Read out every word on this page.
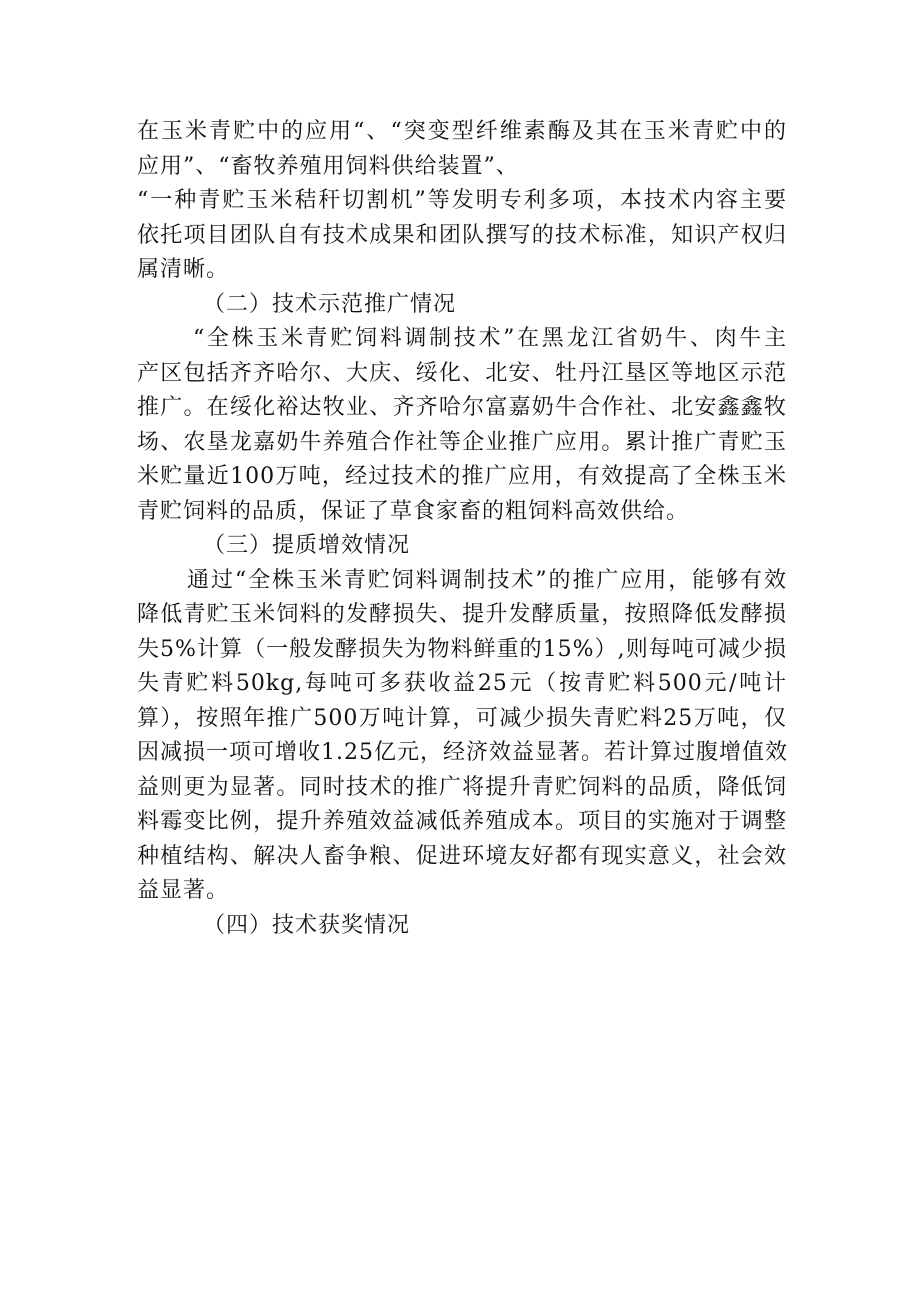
在玉米青贮中的应用“、“突变型纤维素酶及其在玉米青贮中的
应用”、“畜牧养殖用饲料供给装置”、
“一种青贮玉米秸秆切割机”等发明专利多项，本技术内容主要
依托项目团队自有技术成果和团队撰写的技术标准，知识产权归
属清晰。
（二）技术示范推广情况
“全株玉米青贮饲料调制技术”在黑龙江省奶牛、肉牛主
产区包括齐齐哈尔、大庆、绥化、北安、牡丹江垦区等地区示范
推广。在绥化裕达牧业、齐齐哈尔富嘉奶牛合作社、北安鑫鑫牧
场、农垦龙嘉奶牛养殖合作社等企业推广应用。累计推广青贮玉
米贮量近100万吨，经过技术的推广应用，有效提高了全株玉米
青贮饲料的品质，保证了草食家畜的粗饲料高效供给。
（三）提质增效情况
通过“全株玉米青贮饲料调制技术”的推广应用，能够有效
降低青贮玉米饲料的发酵损失、提升发酵质量，按照降低发酵损
失5%计算（一般发酵损失为物料鲜重的15%）,则每吨可减少损
失青贮料50kg,每吨可多获收益25元（按青贮料500元/吨计
算），按照年推广500万吨计算，可减少损失青贮料25万吨，仅
因减损一项可增收1.25亿元，经济效益显著。若计算过腹增值效
益则更为显著。同时技术的推广将提升青贮饲料的品质，降低饲
料霉变比例，提升养殖效益减低养殖成本。项目的实施对于调整
种植结构、解决人畜争粮、促进环境友好都有现实意义，社会效
益显著。
（四）技术获奖情况
